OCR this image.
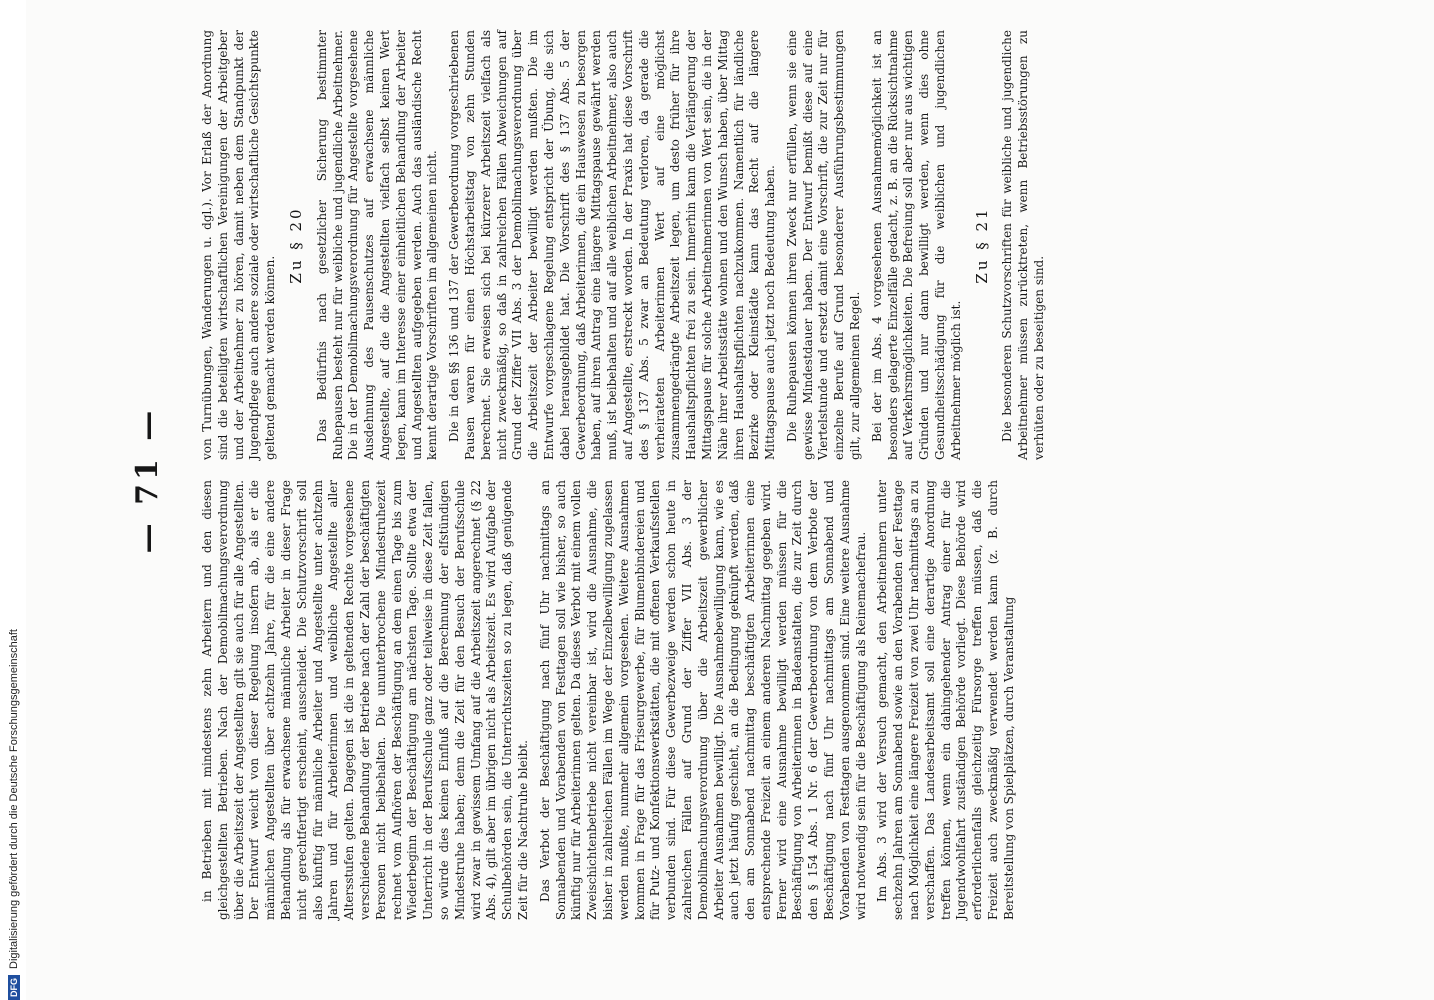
— 71 —	in Betrieben mit mindestens zehn Arbeitern und den diesen gleichgestellten Betrieben. Nach der Demobilmachungsverordnung über die Arbeitszeit der Angestellten gilt sie auch für alle Angestellten. Der Entwurf weicht von dieser Regelung insofern ab, als er die männlichen Angestellten über achtzehn Jahre, für die eine andere Behandlung als für erwachsene männliche Arbeiter in dieser Frage nicht gerechtfertigt erscheint, ausscheidet. Die Schutzvorschrift soll also künftig für männliche Arbeiter und Angestellte unter achtzehn Jahren und für Arbeiterinnen und weibliche Angestellte aller Altersstufen gelten. Dagegen ist die in geltenden Rechte vorgesehene verschiedene Behandlung der Betriebe nach der Zahl der beschäftigten Personen nicht beibehalten. Die ununterbrochene Mindestruhezeit rechnet vom Aufhören der Beschäftigung an dem einen Tage bis zum Wiederbeginn der Beschäftigung am nächsten Tage. Sollte etwa der Unterricht in der Berufsschule ganz oder teilweise in diese Zeit fallen, so würde dies keinen Einfluß auf die Berechnung der elfstündigen Mindestruhe haben; denn die Zeit für den Besuch der Berufsschule wird zwar in gewissem Umfang auf die Arbeitszeit angerechnet (§ 22 Abs. 4), gilt aber im übrigen nicht als Arbeitszeit. Es wird Aufgabe der Schulbehörden sein, die Unterrichtszeiten so zu legen, daß genügende Zeit für die Nachtruhe bleibt. Das Verbot der Beschäftigung nach fünf Uhr nachmittags an Sonnabenden und Vorabenden von Festtagen soll wie bisher, so auch künftig nur für Arbeiterinnen gelten. Da dieses Verbot mit einem vollen Zweischichtenbetriebe nicht vereinbar ist, wird die Ausnahme, die bisher in zahlreichen Fällen im Wege der Einzelbewilligung zugelassen werden mußte, nunmehr allgemein vorgesehen. Weitere Ausnahmen kommen in Frage für das Friseurgewerbe, für Blumenbindereien und für Putz- und Konfektionswerkstätten, die mit offenen Verkaufsstellen verbunden sind. Für diese Gewerbezweige werden schon heute in zahlreichen Fällen auf Grund der Ziffer VII Abs. 3 der Demobilmachungsverordnung über die Arbeitszeit gewerblicher Arbeiter Ausnahmen bewilligt. Die Ausnahmebewilligung kann, wie es auch jetzt häufig geschieht, an die Bedingung geknüpft werden, daß den am Sonnabend nachmittag beschäftigten Arbeiterinnen eine entsprechende Freizeit an einem anderen Nachmittag gegeben wird. Ferner wird eine Ausnahme bewilligt werden müssen für die Beschäftigung von Arbeiterinnen in Badeanstalten, die zur Zeit durch den § 154 Abs. 1 Nr. 6 der Gewerbeordnung von dem Verbote der Beschäftigung nach fünf Uhr nachmittags am Sonnabend und Vorabenden von Festtagen ausgenommen sind. Eine weitere Ausnahme wird notwendig sein für die Beschäftigung als Reinemachefrau. Im Abs. 3 wird der Versuch gemacht, den Arbeitnehmern unter sechzehn Jahren am Sonnabend sowie an den Vorabenden der Festtage nach Möglichkeit eine längere Freizeit von zwei Uhr nachmittags an zu verschaffen. Das Landesarbeitsamt soll eine derartige Anordnung treffen können, wenn ein dahingehender Antrag einer für die Jugendwohlfahrt zuständigen Behörde vorliegt. Diese Behörde wird erforderlichenfalls gleichzeitig Fürsorge treffen müssen, daß die Freizeit auch zweckmäßig verwendet werden kann (z. B. durch Bereitstellung von Spielplätzen, durch Veranstaltung

von Turnübungen, Wanderungen u. dgl.). Vor Erlaß der Anordnung sind die beteiligten wirtschaftlichen Vereinigungen der Arbeitgeber und der Arbeitnehmer zu hören, damit neben dem Standpunkt der Jugendpflege auch andere soziale oder wirtschaftliche Gesichtspunkte geltend gemacht werden können.

Zu § 20 Das Bedürfnis nach gesetzlicher Sicherung bestimmter Ruhepausen besteht nur für weibliche und jugendliche Arbeitnehmer. Die in der Demobilmachungsverordnung für Angestellte vorgesehene Ausdehnung des Pausenschutzes auf erwachsene männliche Angestellte, auf die die Angestellten vielfach selbst keinen Wert legen, kann im Interesse einer einheitlichen Behandlung der Arbeiter und Angestellten aufgegeben werden. Auch das ausländische Recht kennt derartige Vorschriften im allgemeinen nicht. Die in den §§ 136 und 137 der Gewerbeordnung vorgeschriebenen Pausen waren für einen Höchstarbeitstag von zehn Stunden berechnet. Sie erweisen sich bei kürzerer Arbeitszeit vielfach als nicht zweckmäßig, so daß in zahlreichen Fällen Abweichungen auf Grund der Ziffer VII Abs. 3 der Demobilmachungsverordnung über die Arbeitszeit der Arbeiter bewilligt werden mußten. Die im Entwurfe vorgeschlagene Regelung entspricht der Übung, die sich dabei herausgebildet hat. Die Vorschrift des § 137 Abs. 5 der Gewerbeordnung, daß Arbeiterinnen, die ein Hauswesen zu besorgen haben, auf ihren Antrag eine längere Mittagspause gewährt werden muß, ist beibehalten und auf alle weiblichen Arbeitnehmer, also auch auf Angestellte, erstreckt worden. In der Praxis hat diese Vorschrift des § 137 Abs. 5 zwar an Bedeutung verloren, da gerade die verheirateten Arbeiterinnen Wert auf eine möglichst zusammengedrängte Arbeitszeit legen, um desto früher für ihre Haushaltspflichten frei zu sein. Immerhin kann die Verlängerung der Mittagspause für solche Arbeitnehmerinnen von Wert sein, die in der Nähe ihrer Arbeitsstätte wohnen und den Wunsch haben, über Mittag ihren Haushaltspflichten nachzukommen. Namentlich für ländliche Bezirke oder Kleinstädte kann das Recht auf die längere Mittagspause auch jetzt noch Bedeutung haben. Die Ruhepausen können ihren Zweck nur erfüllen, wenn sie eine gewisse Mindestdauer haben. Der Entwurf bemißt diese auf eine Viertelstunde und ersetzt damit eine Vorschrift, die zur Zeit nur für einzelne Berufe auf Grund besonderer Ausführungsbestimmungen gilt, zur allgemeinen Regel. Bei der im Abs. 4 vorgesehenen Ausnahmemöglichkeit ist an besonders gelagerte Einzelfälle gedacht, z. B. an die Rücksichtnahme auf Verkehrsmöglichkeiten. Die Befreiung soll aber nur aus wichtigen Gründen und nur dann bewilligt werden, wenn dies ohne Gesundheitsschädigung für die weiblichen und jugendlichen Arbeitnehmer möglich ist.

Zu § 21 Die besonderen Schutzvorschriften für weibliche und jugendliche Arbeitnehmer müssen zurücktreten, wenn Betriebsstörungen zu verhüten oder zu beseitigen sind.

DFGDigitalisierung gefördert durch die Deutsche Forschungsgemeinschaft
